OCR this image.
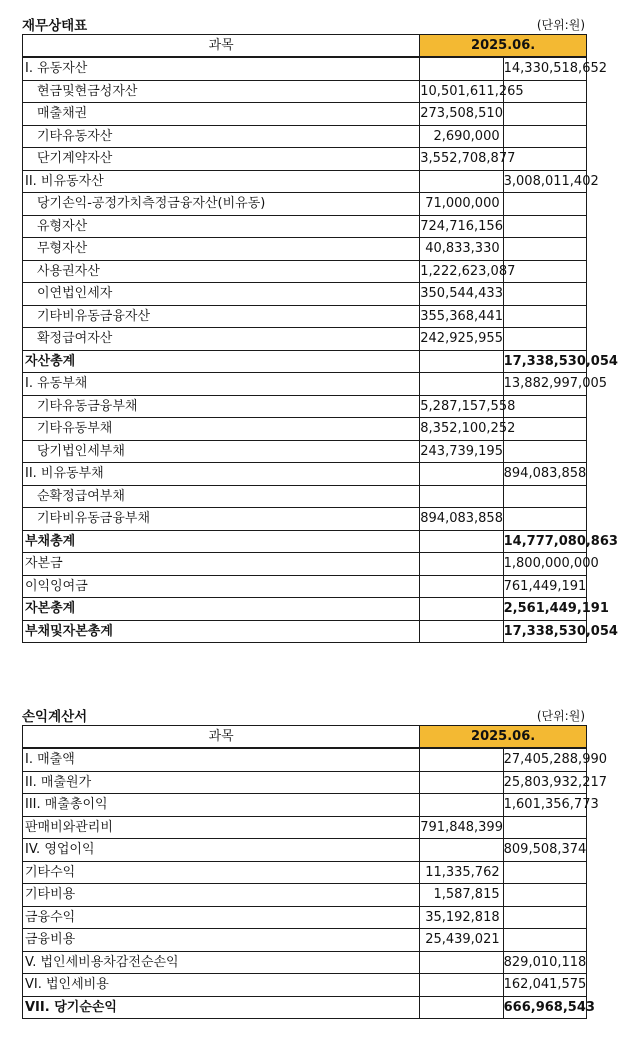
재무상태표	(단위:원)
과목	2025.06.	
I. 유동자산		14,330,518,652
현금및현금성자산	10,501,611,265	
매출채권	273,508,510	
기타유동자산	2,690,000	
단기계약자산	3,552,708,877	
II. 비유동자산		3,008,011,402
당기손익-공정가치측정금융자산(비유동)	71,000,000	
유형자산	724,716,156	
무형자산	40,833,330	
사용권자산	1,222,623,087	
이연법인세자	350,544,433	
기타비유동금융자산	355,368,441	
확정급여자산	242,925,955	
자산총계		17,338,530,054
I. 유동부채		13,882,997,005
기타유동금융부채	5,287,157,558	
기타유동부채	8,352,100,252	
당기법인세부채	243,739,195	
II. 비유동부채		894,083,858
순확정급여부채		
기타비유동금융부채	894,083,858	
부채총계		14,777,080,863
자본금		1,800,000,000
이익잉여금		761,449,191
자본총계		2,561,449,191
부채및자본총계		17,338,530,054
손익계산서	(단위:원)
과목	2025.06.	
I. 매출액		27,405,288,990
II. 매출원가		25,803,932,217
III. 매출총이익		1,601,356,773
판매비와관리비	791,848,399	
IV. 영업이익		809,508,374
기타수익	11,335,762	
기타비용	1,587,815	
금융수익	35,192,818	
금융비용	25,439,021	
V. 법인세비용차감전순손익		829,010,118
VI. 법인세비용		162,041,575
VII. 당기순손익		666,968,543
